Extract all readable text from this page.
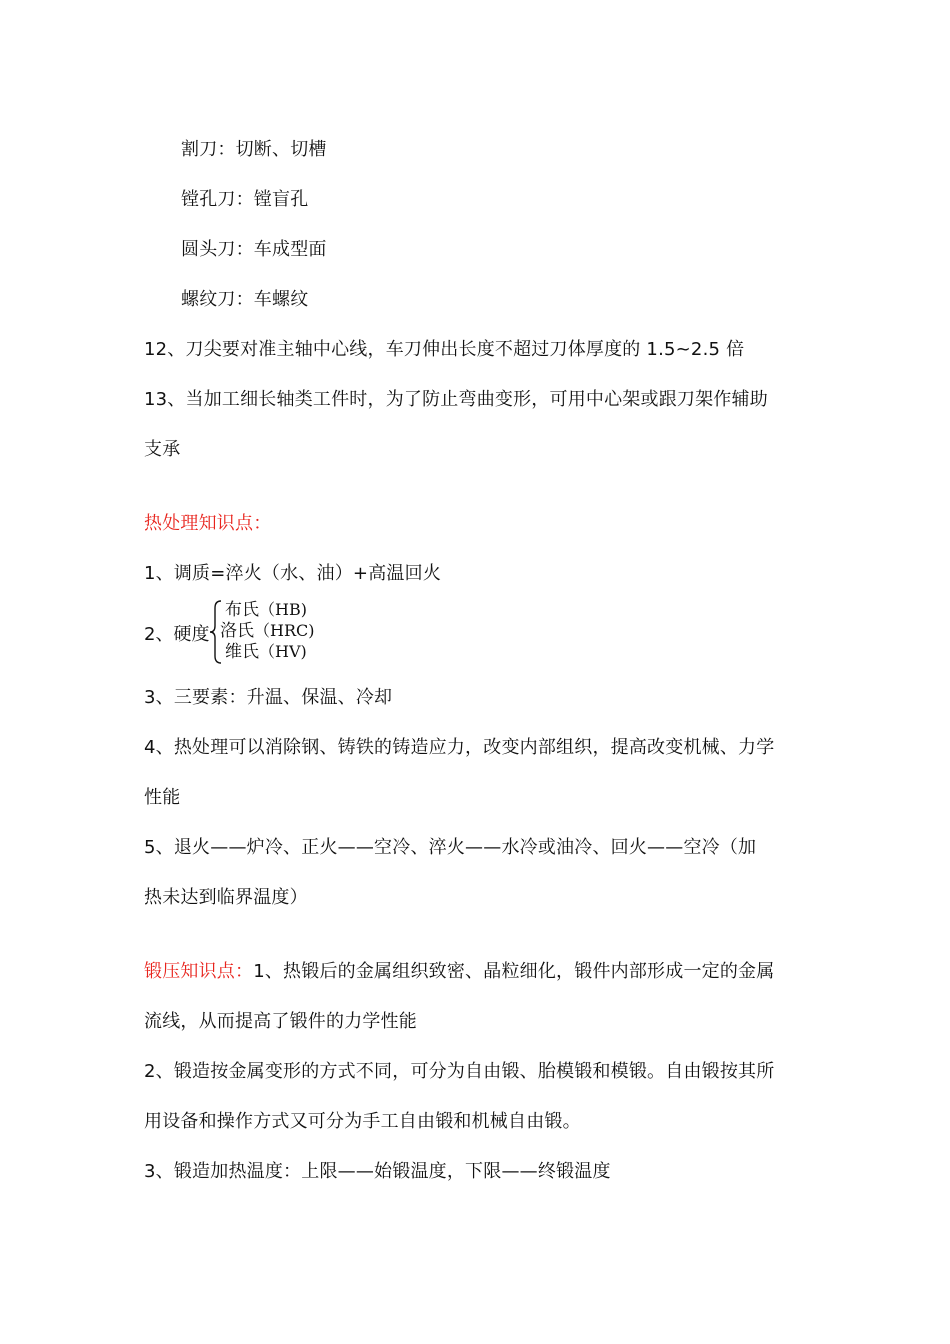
割刀：切断、切槽
镗孔刀：镗盲孔
圆头刀：车成型面
螺纹刀：车螺纹
12、刀尖要对准主轴中心线，车刀伸出长度不超过刀体厚度的 1.5~2.5 倍
13、当加工细长轴类工件时，为了防止弯曲变形，可用中心架或跟刀架作辅助
支承
热处理知识点：
1、调质=淬火（水、油）+高温回火
2、硬度
布氏（HB)
洛氏（HRC)
维氏（HV)
3、三要素：升温、保温、冷却
4、热处理可以消除钢、铸铁的铸造应力，改变内部组织，提高改变机械、力学
性能
5、退火——炉冷、正火——空冷、淬火——水冷或油冷、回火——空冷（加
热未达到临界温度）
锻压知识点：1、热锻后的金属组织致密、晶粒细化，锻件内部形成一定的金属
流线，从而提高了锻件的力学性能
2、锻造按金属变形的方式不同，可分为自由锻、胎模锻和模锻。自由锻按其所
用设备和操作方式又可分为手工自由锻和机械自由锻。
3、锻造加热温度：上限——始锻温度，下限——终锻温度
